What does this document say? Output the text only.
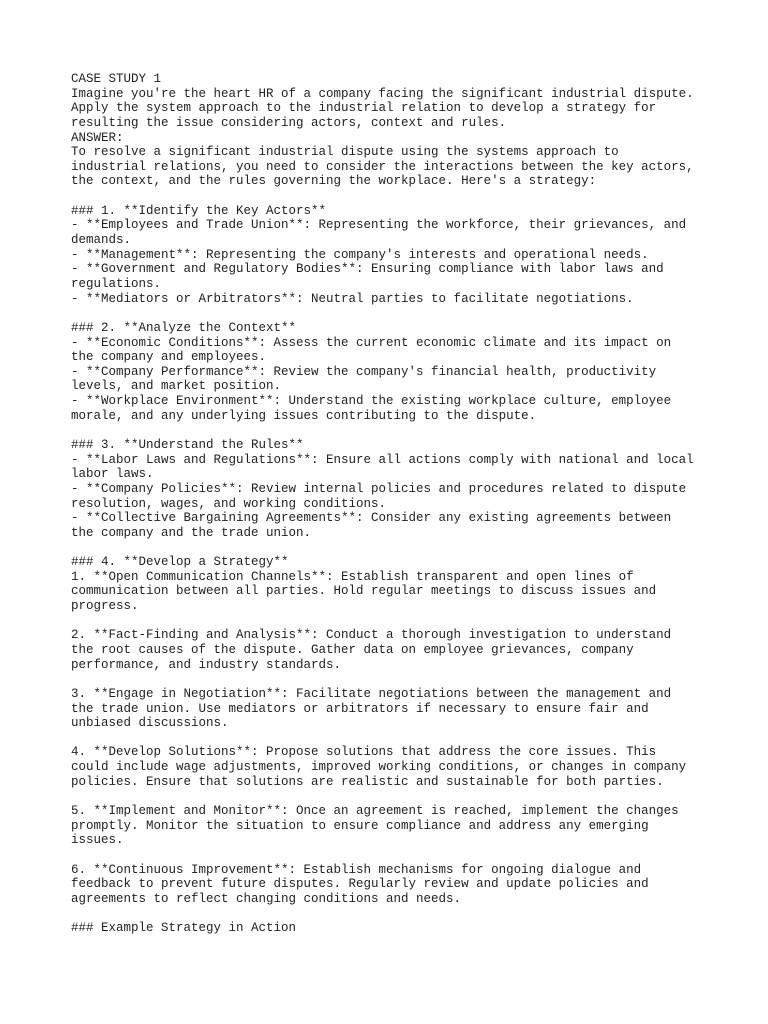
CASE STUDY 1
Imagine you're the heart HR of a company facing the significant industrial dispute.
Apply the system approach to the industrial relation to develop a strategy for
resulting the issue considering actors, context and rules.
ANSWER:
To resolve a significant industrial dispute using the systems approach to
industrial relations, you need to consider the interactions between the key actors,
the context, and the rules governing the workplace. Here's a strategy:
### 1. **Identify the Key Actors**
- **Employees and Trade Union**: Representing the workforce, their grievances, and
demands.
- **Management**: Representing the company's interests and operational needs.
- **Government and Regulatory Bodies**: Ensuring compliance with labor laws and
regulations.
- **Mediators or Arbitrators**: Neutral parties to facilitate negotiations.
### 2. **Analyze the Context**
- **Economic Conditions**: Assess the current economic climate and its impact on
the company and employees.
- **Company Performance**: Review the company's financial health, productivity
levels, and market position.
- **Workplace Environment**: Understand the existing workplace culture, employee
morale, and any underlying issues contributing to the dispute.
### 3. **Understand the Rules**
- **Labor Laws and Regulations**: Ensure all actions comply with national and local
labor laws.
- **Company Policies**: Review internal policies and procedures related to dispute
resolution, wages, and working conditions.
- **Collective Bargaining Agreements**: Consider any existing agreements between
the company and the trade union.
### 4. **Develop a Strategy**
1. **Open Communication Channels**: Establish transparent and open lines of
communication between all parties. Hold regular meetings to discuss issues and
progress.
2. **Fact-Finding and Analysis**: Conduct a thorough investigation to understand
the root causes of the dispute. Gather data on employee grievances, company
performance, and industry standards.
3. **Engage in Negotiation**: Facilitate negotiations between the management and
the trade union. Use mediators or arbitrators if necessary to ensure fair and
unbiased discussions.
4. **Develop Solutions**: Propose solutions that address the core issues. This
could include wage adjustments, improved working conditions, or changes in company
policies. Ensure that solutions are realistic and sustainable for both parties.
5. **Implement and Monitor**: Once an agreement is reached, implement the changes
promptly. Monitor the situation to ensure compliance and address any emerging
issues.
6. **Continuous Improvement**: Establish mechanisms for ongoing dialogue and
feedback to prevent future disputes. Regularly review and update policies and
agreements to reflect changing conditions and needs.
### Example Strategy in Action
